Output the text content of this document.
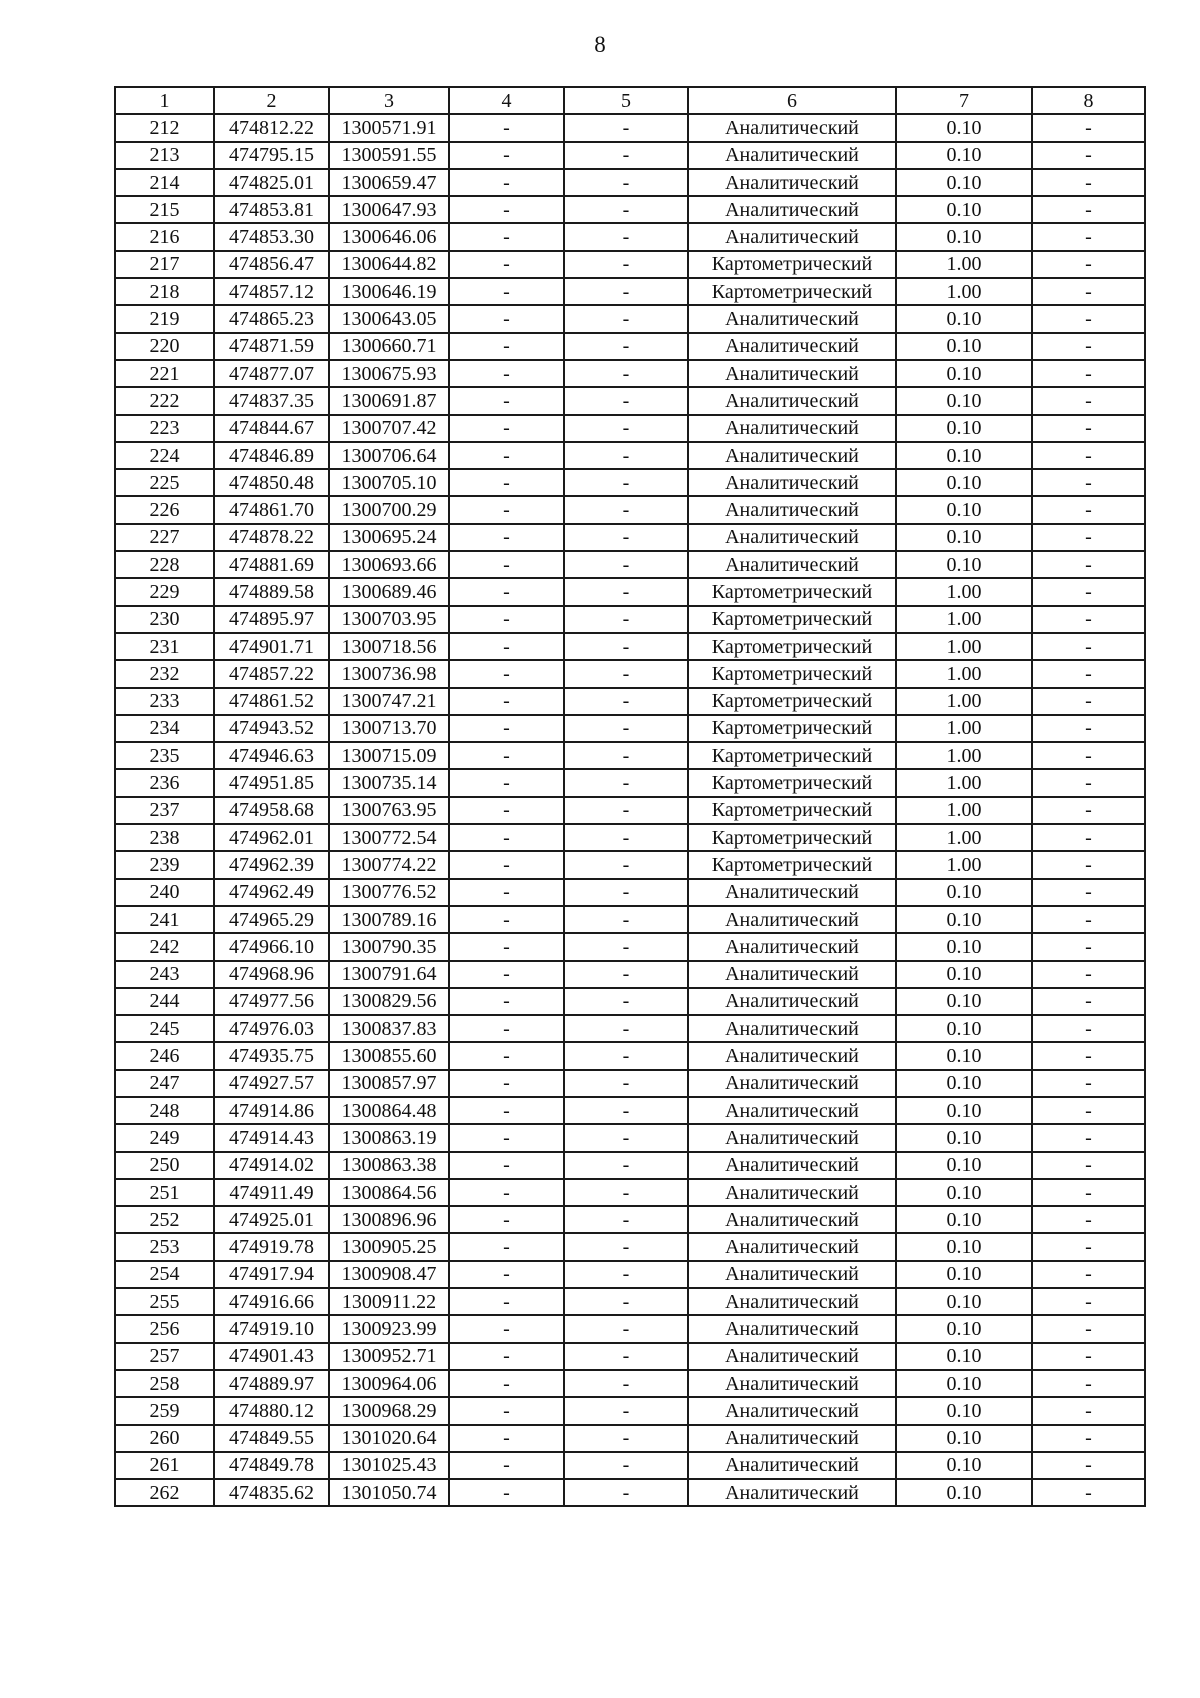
8
1	2	3	4	5	6	7	8
212	474812.22	1300571.91	-	-	Аналитический	0.10	-
213	474795.15	1300591.55	-	-	Аналитический	0.10	-
214	474825.01	1300659.47	-	-	Аналитический	0.10	-
215	474853.81	1300647.93	-	-	Аналитический	0.10	-
216	474853.30	1300646.06	-	-	Аналитический	0.10	-
217	474856.47	1300644.82	-	-	Картометрический	1.00	-
218	474857.12	1300646.19	-	-	Картометрический	1.00	-
219	474865.23	1300643.05	-	-	Аналитический	0.10	-
220	474871.59	1300660.71	-	-	Аналитический	0.10	-
221	474877.07	1300675.93	-	-	Аналитический	0.10	-
222	474837.35	1300691.87	-	-	Аналитический	0.10	-
223	474844.67	1300707.42	-	-	Аналитический	0.10	-
224	474846.89	1300706.64	-	-	Аналитический	0.10	-
225	474850.48	1300705.10	-	-	Аналитический	0.10	-
226	474861.70	1300700.29	-	-	Аналитический	0.10	-
227	474878.22	1300695.24	-	-	Аналитический	0.10	-
228	474881.69	1300693.66	-	-	Аналитический	0.10	-
229	474889.58	1300689.46	-	-	Картометрический	1.00	-
230	474895.97	1300703.95	-	-	Картометрический	1.00	-
231	474901.71	1300718.56	-	-	Картометрический	1.00	-
232	474857.22	1300736.98	-	-	Картометрический	1.00	-
233	474861.52	1300747.21	-	-	Картометрический	1.00	-
234	474943.52	1300713.70	-	-	Картометрический	1.00	-
235	474946.63	1300715.09	-	-	Картометрический	1.00	-
236	474951.85	1300735.14	-	-	Картометрический	1.00	-
237	474958.68	1300763.95	-	-	Картометрический	1.00	-
238	474962.01	1300772.54	-	-	Картометрический	1.00	-
239	474962.39	1300774.22	-	-	Картометрический	1.00	-
240	474962.49	1300776.52	-	-	Аналитический	0.10	-
241	474965.29	1300789.16	-	-	Аналитический	0.10	-
242	474966.10	1300790.35	-	-	Аналитический	0.10	-
243	474968.96	1300791.64	-	-	Аналитический	0.10	-
244	474977.56	1300829.56	-	-	Аналитический	0.10	-
245	474976.03	1300837.83	-	-	Аналитический	0.10	-
246	474935.75	1300855.60	-	-	Аналитический	0.10	-
247	474927.57	1300857.97	-	-	Аналитический	0.10	-
248	474914.86	1300864.48	-	-	Аналитический	0.10	-
249	474914.43	1300863.19	-	-	Аналитический	0.10	-
250	474914.02	1300863.38	-	-	Аналитический	0.10	-
251	474911.49	1300864.56	-	-	Аналитический	0.10	-
252	474925.01	1300896.96	-	-	Аналитический	0.10	-
253	474919.78	1300905.25	-	-	Аналитический	0.10	-
254	474917.94	1300908.47	-	-	Аналитический	0.10	-
255	474916.66	1300911.22	-	-	Аналитический	0.10	-
256	474919.10	1300923.99	-	-	Аналитический	0.10	-
257	474901.43	1300952.71	-	-	Аналитический	0.10	-
258	474889.97	1300964.06	-	-	Аналитический	0.10	-
259	474880.12	1300968.29	-	-	Аналитический	0.10	-
260	474849.55	1301020.64	-	-	Аналитический	0.10	-
261	474849.78	1301025.43	-	-	Аналитический	0.10	-
262	474835.62	1301050.74	-	-	Аналитический	0.10	-
